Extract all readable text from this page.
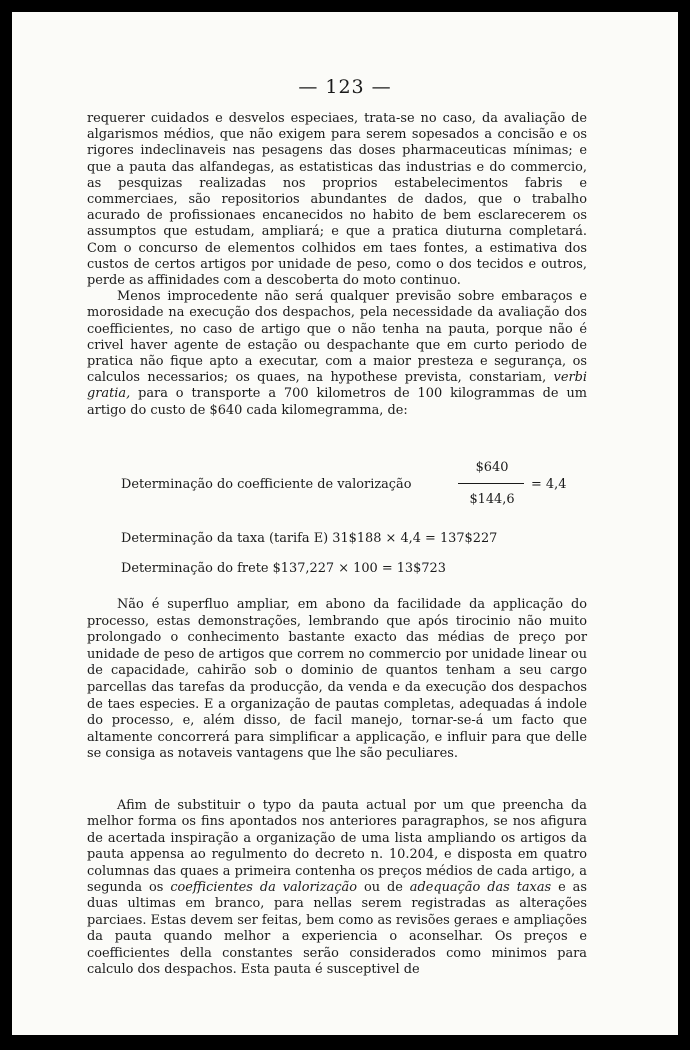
— 123 —

requerer cuidados e desvelos especiaes, trata-se no caso, da avaliação de algarismos médios, que não exigem para serem sopesados a concisão e os rigores indeclinaveis nas pesagens das doses pharmaceuticas mínimas; e que a pauta das alfandegas, as estatisticas das industrias e do commercio, as pesquizas realizadas nos proprios estabelecimentos fabris e commerciaes, são repositorios abundantes de dados, que o trabalho acurado de profissionaes encanecidos no habito de bem esclarecerem os assumptos que estudam, ampliará; e que a pratica diuturna completará. Com o concurso de elementos colhidos em taes fontes, a estimativa dos custos de certos artigos por unidade de peso, como o dos tecidos e outros, perde as affinidades com a descoberta do moto continuo.

Menos improcedente não será qualquer previsão sobre embaraços e morosidade na execução dos despachos, pela necessidade da avaliação dos coefficientes, no caso de artigo que o não tenha na pauta, porque não é crivel haver agente de estação ou despachante que em curto periodo de pratica não fique apto a executar, com a maior presteza e segurança, os calculos necessarios; os quaes, na hypothese prevista, constariam, verbi gratia, para o transporte a 700 kilometros de 100 kilogrammas de um artigo do custo de $640 cada kilomegramma, de:

Determinação do coefficiente de valorização
$640
$144,6
= 4,4
Determinação da taxa (tarifa E) 31$188 × 4,4 = 137$227
Determinação do frete $137,227 × 100 = 13$723

Não é superfluo ampliar, em abono da facilidade da applicação do processo, estas demonstrações, lembrando que após tirocinio não muito prolongado o conhecimento bastante exacto das médias de preço por unidade de peso de artigos que correm no commercio por unidade linear ou de capacidade, cahirão sob o dominio de quantos tenham a seu cargo parcellas das tarefas da producção, da venda e da execução dos despachos de taes especies. E a organização de pautas completas, adequadas á indole do processo, e, além disso, de facil manejo, tornar-se-á um facto que altamente concorrerá para simplificar a applicação, e influir para que delle se consiga as notaveis vantagens que lhe são peculiares.

Afim de substituir o typo da pauta actual por um que preencha da melhor forma os fins apontados nos anteriores paragraphos, se nos afigura de acertada inspiração a organização de uma lista ampliando os artigos da pauta appensa ao regulmento do decreto n. 10.204, e disposta em quatro columnas das quaes a primeira contenha os preços médios de cada artigo, a segunda os coefficientes da valorização ou de adequação das taxas e as duas ultimas em branco, para nellas serem registradas as alterações parciaes. Estas devem ser feitas, bem como as revisões geraes e ampliações da pauta quando melhor a experiencia o aconselhar. Os preços e coefficientes della constantes serão considerados como minimos para calculo dos despachos. Esta pauta é susceptivel de
